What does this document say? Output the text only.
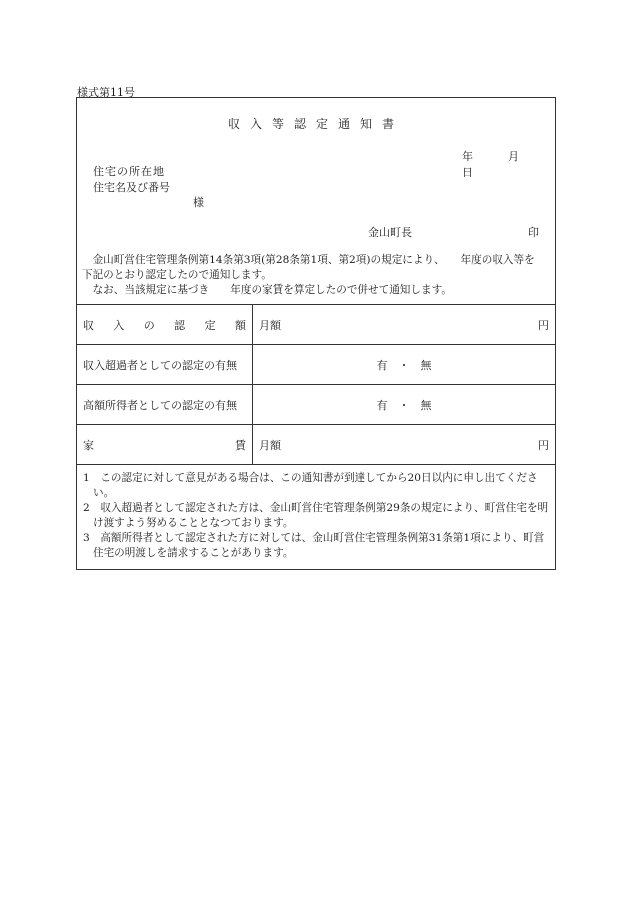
様式第11号
収入等認定通知書
年	月  日
住宅の所在地
住宅名及び番号
様
金山町長	印
　金山町営住宅管理条例第14条第3項(第28条第1項、第2項)の規定により、　　年度の収入等を
下記のとおり認定したので通知します。
　なお、当該規定に基づき　　年度の家賃を算定したので併せて通知します。
収 入 の 認 定 額 月額	円
収入超過者としての認定の有無	有　・　無
高額所得者としての認定の有無	有　・　無
家	賃 月額	円

1　この認定に対して意見がある場合は、この通知書が到達してから20日以内に申し出てください。

2　収入超過者として認定された方は、金山町営住宅管理条例第29条の規定により、町営住宅を明け渡すよう努めることとなつております。

3　高額所得者として認定された方に対しては、金山町営住宅管理条例第31条第1項により、町営住宅の明渡しを請求することがあります。
